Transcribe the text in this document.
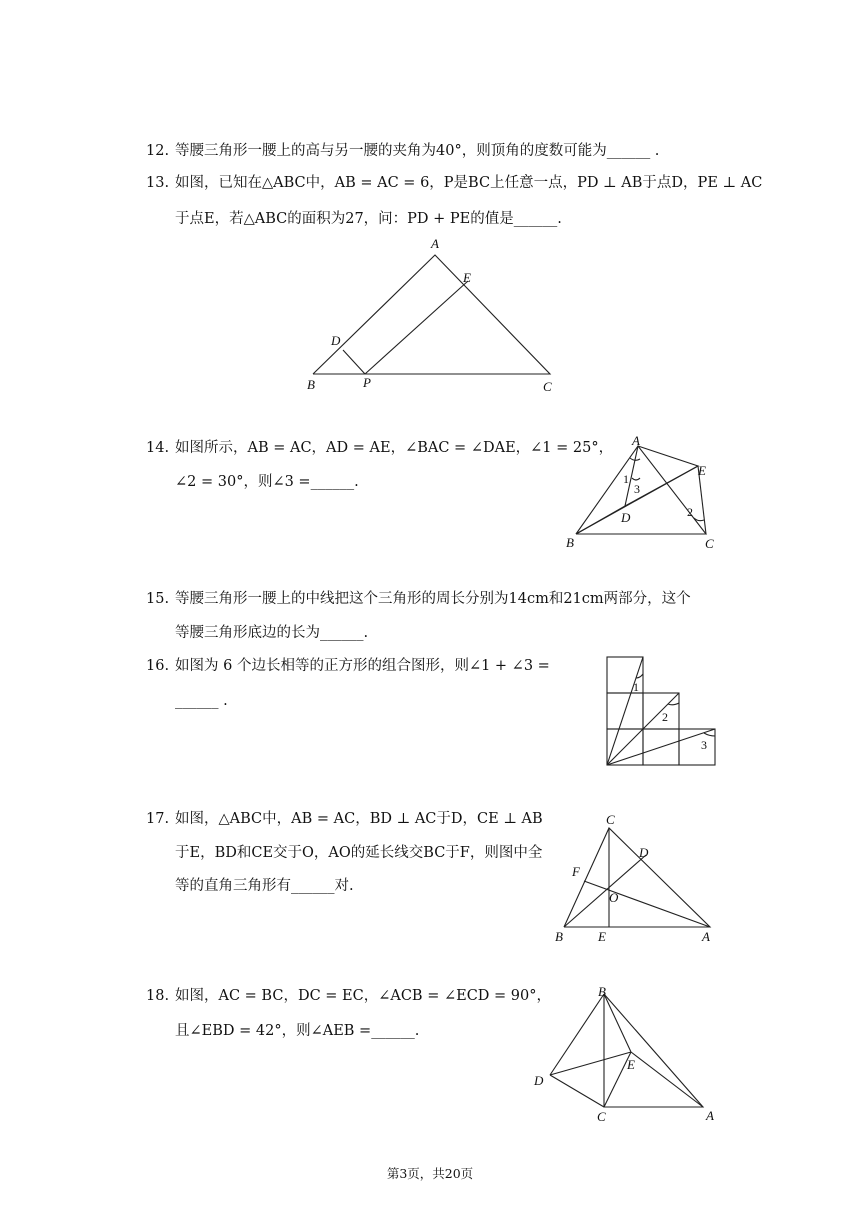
12. 等腰三角形一腰上的高与另一腰的夹角为40°，则顶角的度数可能为______ .
13. 如图，已知在△ABC中，AB = AC = 6，P是BC上任意一点，PD ⊥ AB于点D，PE ⊥ AC
于点E，若△ABC的面积为27，问：PD + PE的值是______.
A
E
D
B	P	C
14. 如图所示，AB = AC，AD = AE，∠BAC = ∠DAE，∠1 = 25°，
∠2 = 30°，则∠3 =______.
A
E
1
3
D	2
B	C
15. 等腰三角形一腰上的中线把这个三角形的周长分别为14cm和21cm两部分，这个
等腰三角形底边的长为______.
16. 如图为 6 个边长相等的正方形的组合图形，则∠1 + ∠3 =
______ .
1
2
3
17. 如图，△ABC中，AB = AC，BD ⊥ AC于D，CE ⊥ AB
于E，BD和CE交于O，AO的延长线交BC于F，则图中全
等的直角三角形有______对.
C
D
F
O
B	E	A
18. 如图，AC = BC，DC = EC，∠ACB = ∠ECD = 90°，
且∠EBD = 42°，则∠AEB =______.
B
E
D
C	A
第3页，共20页
